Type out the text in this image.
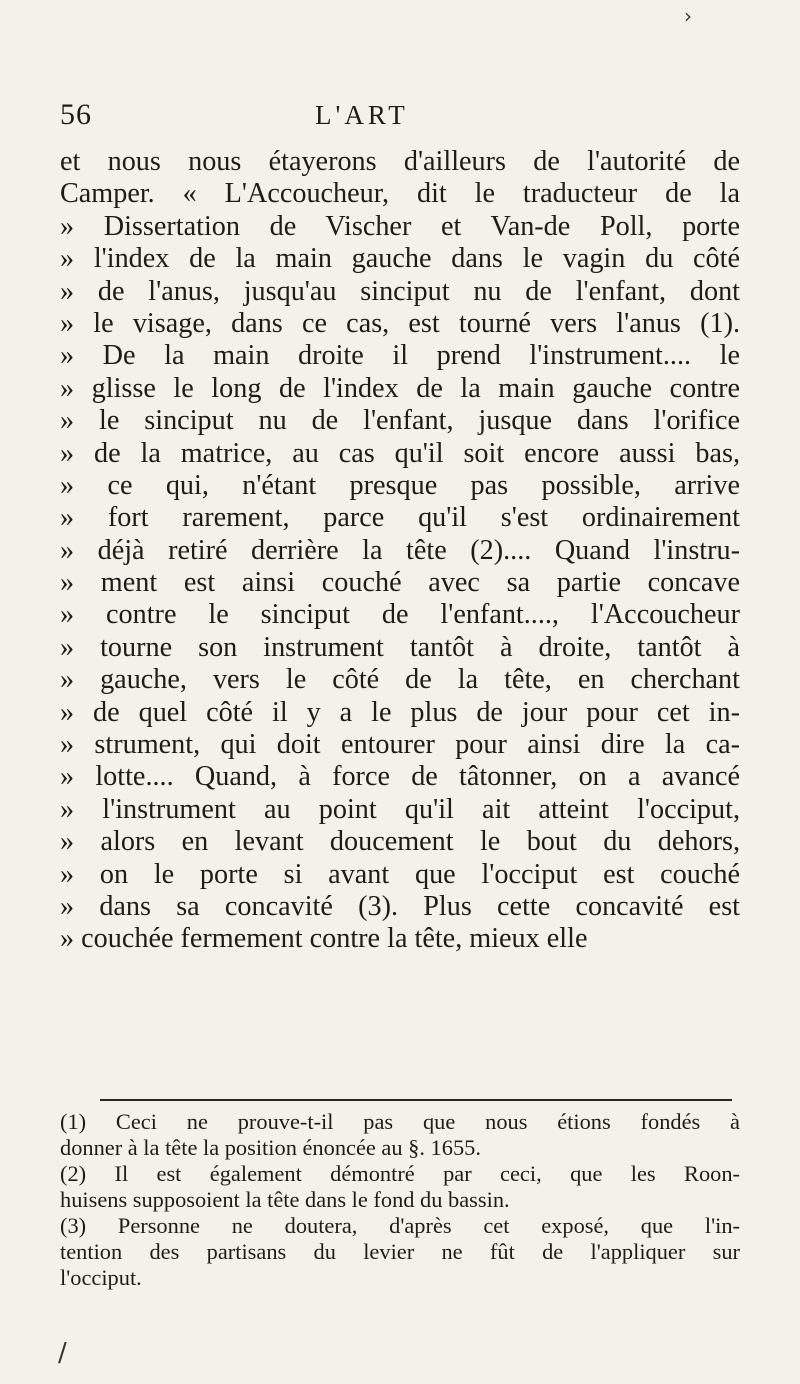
›
56	L'ART
et nous nous étayerons d'ailleurs de l'autorité de
Camper. « L'Accoucheur, dit le traducteur de la
» Dissertation de Vischer et Van-de Poll, porte
» l'index de la main gauche dans le vagin du côté
» de l'anus, jusqu'au sinciput nu de l'enfant, dont
» le visage, dans ce cas, est tourné vers l'anus (1).
» De la main droite il prend l'instrument.... le
» glisse le long de l'index de la main gauche contre
» le sinciput nu de l'enfant, jusque dans l'orifice
» de la matrice, au cas qu'il soit encore aussi bas,
» ce qui, n'étant presque pas possible, arrive
» fort rarement, parce qu'il s'est ordinairement
» déjà retiré derrière la tête (2).... Quand l'instru-
» ment est ainsi couché avec sa partie concave
» contre le sinciput de l'enfant...., l'Accoucheur
» tourne son instrument tantôt à droite, tantôt à
» gauche, vers le côté de la tête, en cherchant
» de quel côté il y a le plus de jour pour cet in-
» strument, qui doit entourer pour ainsi dire la ca-
» lotte.... Quand, à force de tâtonner, on a avancé
» l'instrument au point qu'il ait atteint l'occiput,
» alors en levant doucement le bout du dehors,
» on le porte si avant que l'occiput est couché
» dans sa concavité (3). Plus cette concavité est
» couchée fermement contre la tête, mieux elle
(1) Ceci ne prouve-t-il pas que nous étions fondés à
donner à la tête la position énoncée au §. 1655.
(2) Il est également démontré par ceci, que les Roon-
huisens supposoient la tête dans le fond du bassin.
(3) Personne ne doutera, d'après cet exposé, que l'in-
tention des partisans du levier ne fût de l'appliquer sur
l'occiput.
/
